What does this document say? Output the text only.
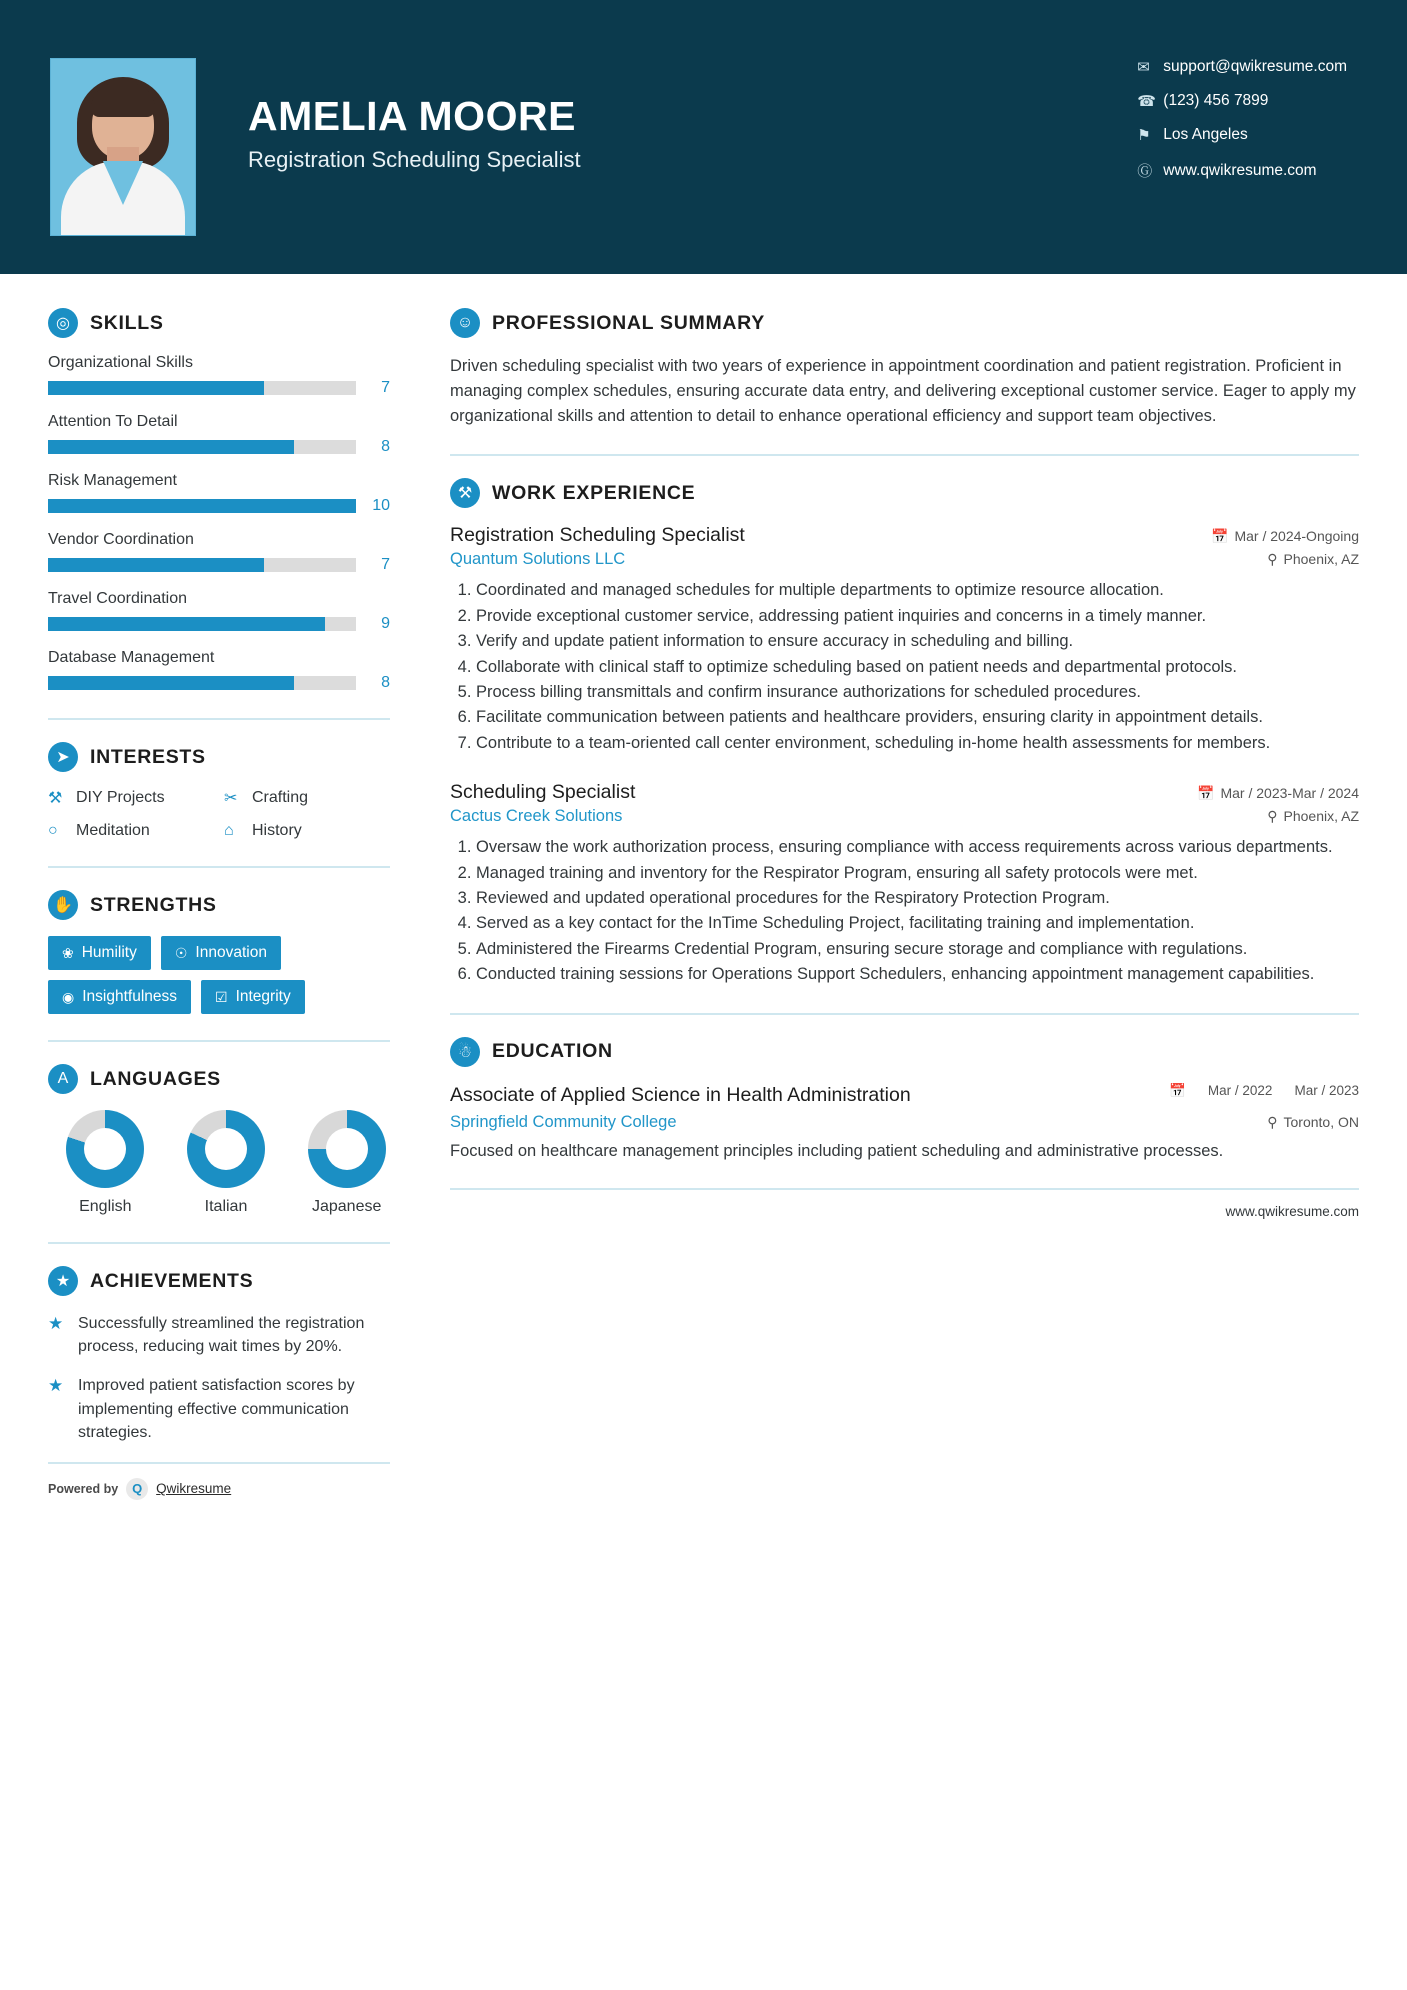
AMELIA MOORE
Registration Scheduling Specialist
✉ support@qwikresume.com
☎ (123) 456 7899
⚑ Los Angeles
Ⓖ www.qwikresume.com
◎	SKILLS
Organizational Skills
7
Attention To Detail
8
Risk Management
10
Vendor Coordination
7
Travel Coordination
9
Database Management
8
➤	INTERESTS
⚒ DIY Projects	✂ Crafting
○	Meditation	⌂	History
✋ STRENGTHS
❀ Humility	☉ Innovation
◉ Insightfulness	☑ Integrity
A	LANGUAGES
English	Italian	Japanese
★	ACHIEVEMENTS
★ Successfully streamlined the registration process, reducing wait times by 20%.
★ Improved patient satisfaction scores by implementing effective communication strategies.
Powered by	Q	Qwikresume
☺ PROFESSIONAL SUMMARY
Driven scheduling specialist with two years of experience in appointment coordination and patient registration. Proficient in managing complex schedules, ensuring accurate data entry, and delivering exceptional customer service. Eager to apply my organizational skills and attention to detail to enhance operational efficiency and support team objectives.
⚒	WORK EXPERIENCE
Registration Scheduling Specialist	📅 Mar / 2024-Ongoing
Quantum Solutions LLC	⚲ Phoenix, AZ
1. Coordinated and managed schedules for multiple departments to optimize resource allocation.
2. Provide exceptional customer service, addressing patient inquiries and concerns in a timely manner.
3. Verify and update patient information to ensure accuracy in scheduling and billing.
4. Collaborate with clinical staff to optimize scheduling based on patient needs and departmental protocols.
5. Process billing transmittals and confirm insurance authorizations for scheduled procedures.
6. Facilitate communication between patients and healthcare providers, ensuring clarity in appointment details.
7. Contribute to a team-oriented call center environment, scheduling in-home health assessments for members.
Scheduling Specialist	📅 Mar / 2023-Mar / 2024
Cactus Creek Solutions	⚲ Phoenix, AZ
1. Oversaw the work authorization process, ensuring compliance with access requirements across various departments.
2. Managed training and inventory for the Respirator Program, ensuring all safety protocols were met.
3. Reviewed and updated operational procedures for the Respiratory Protection Program.
4. Served as a key contact for the InTime Scheduling Project, facilitating training and implementation.
5. Administered the Firearms Credential Program, ensuring secure storage and compliance with regulations.
6. Conducted training sessions for Operations Support Schedulers, enhancing appointment management capabilities.
☃	EDUCATION
Associate of Applied Science in Health Administration	📅 Mar / 2022 Mar / 2023
Springfield Community College	⚲ Toronto, ON
Focused on healthcare management principles including patient scheduling and administrative processes.
www.qwikresume.com
